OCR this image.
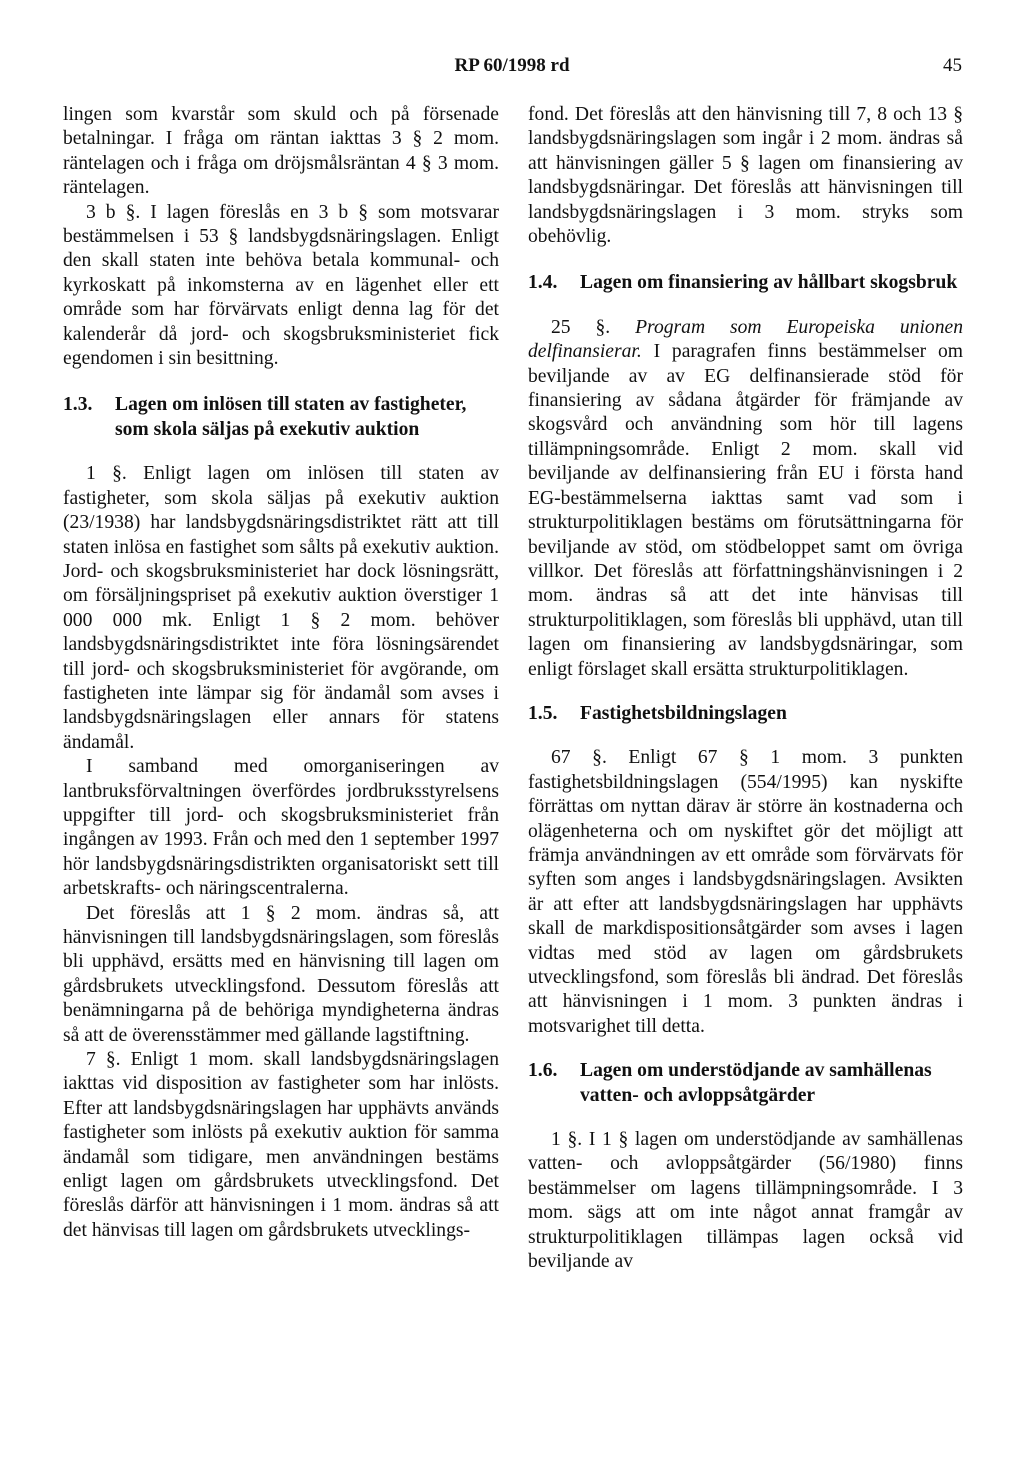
RP 60/1998 rd	45

lingen som kvarstår som skuld och på försenade betalningar. I fråga om räntan iakttas 3 § 2 mom. räntelagen och i fråga om dröjsmålsräntan 4 § 3 mom. räntelagen.

3 b §. I lagen föreslås en 3 b § som motsvarar bestämmelsen i 53 § landsbygdsnäringslagen. Enligt den skall staten inte behöva betala kommunal- och kyrkoskatt på inkomsterna av en lägenhet eller ett område som har förvärvats enligt denna lag för det kalenderår då jord- och skogsbruksministeriet fick egendomen i sin besittning.

1.3.	Lagen om inlösen till staten av fastigheter, som skola säljas på exekutiv auktion

1 §. Enligt lagen om inlösen till staten av fastigheter, som skola säljas på exekutiv auktion (23/1938) har landsbygdsnäringsdistriktet rätt att till staten inlösa en fastighet som sålts på exekutiv auktion. Jord- och skogsbruksministeriet har dock lösningsrätt, om försäljningspriset på exekutiv auktion överstiger 1 000 000 mk. Enligt 1 § 2 mom. behöver landsbygdsnäringsdistriktet inte föra lösningsärendet till jord- och skogsbruksministeriet för avgörande, om fastigheten inte lämpar sig för ändamål som avses i landsbygdsnäringslagen eller annars för statens ändamål.

I samband med omorganiseringen av lantbruksförvaltningen överfördes jordbruksstyrelsens uppgifter till jord- och skogsbruksministeriet från ingången av 1993. Från och med den 1 september 1997 hör landsbygdsnäringsdistrikten organisatoriskt sett till arbetskrafts- och näringscentralerna.

Det föreslås att 1 § 2 mom. ändras så, att hänvisningen till landsbygdsnäringslagen, som föreslås bli upphävd, ersätts med en hänvisning till lagen om gårdsbrukets utvecklingsfond. Dessutom föreslås att benämningarna på de behöriga myndigheterna ändras så att de överensstämmer med gällande lagstiftning.

7 §. Enligt 1 mom. skall landsbygdsnäringslagen iakttas vid disposition av fastigheter som har inlösts. Efter att landsbygdsnäringslagen har upphävts används fastigheter som inlösts på exekutiv auktion för samma ändamål som tidigare, men användningen bestäms enligt lagen om gårdsbrukets utvecklingsfond. Det föreslås därför att hänvisningen i 1 mom. ändras så att det hänvisas till lagen om gårdsbrukets utvecklings-

fond. Det föreslås att den hänvisning till 7, 8 och 13 § landsbygdsnäringslagen som ingår i 2 mom. ändras så att hänvisningen gäller 5 § lagen om finansiering av landsbygdsnäringar. Det föreslås att hänvisningen till landsbygdsnäringslagen i 3 mom. stryks som obehövlig.

1.4.	Lagen om finansiering av hållbart skogsbruk

25 §. Program som Europeiska unionen delfinansierar. I paragrafen finns bestämmelser om beviljande av av EG delfinansierade stöd för finansiering av sådana åtgärder för främjande av skogsvård och användning som hör till lagens tillämpningsområde. Enligt 2 mom. skall vid beviljande av delfinansiering från EU i första hand EG-bestämmelserna iakttas samt vad som i strukturpolitiklagen bestäms om förutsättningarna för beviljande av stöd, om stödbeloppet samt om övriga villkor. Det föreslås att författningshänvisningen i 2 mom. ändras så att det inte hänvisas till strukturpolitiklagen, som föreslås bli upphävd, utan till lagen om finansiering av landsbygdsnäringar, som enligt förslaget skall ersätta strukturpolitiklagen.

1.5.	Fastighetsbildningslagen

67 §. Enligt 67 § 1 mom. 3 punkten fastighetsbildningslagen (554/1995) kan nyskifte förrättas om nyttan därav är större än kostnaderna och olägenheterna och om nyskiftet gör det möjligt att främja användningen av ett område som förvärvats för syften som anges i landsbygdsnäringslagen. Avsikten är att efter att landsbygdsnäringslagen har upphävts skall de markdispositionsåtgärder som avses i lagen vidtas med stöd av lagen om gårdsbrukets utvecklingsfond, som föreslås bli ändrad. Det föreslås att hänvisningen i 1 mom. 3 punkten ändras i motsvarighet till detta.

1.6.	Lagen om understödjande av samhällenas vatten- och avloppsåtgärder

1 §. I 1 § lagen om understödjande av samhällenas vatten- och avloppsåtgärder (56/1980) finns bestämmelser om lagens tillämpningsområde. I 3 mom. sägs att om inte något annat framgår av strukturpolitiklagen tillämpas lagen också vid beviljande av
